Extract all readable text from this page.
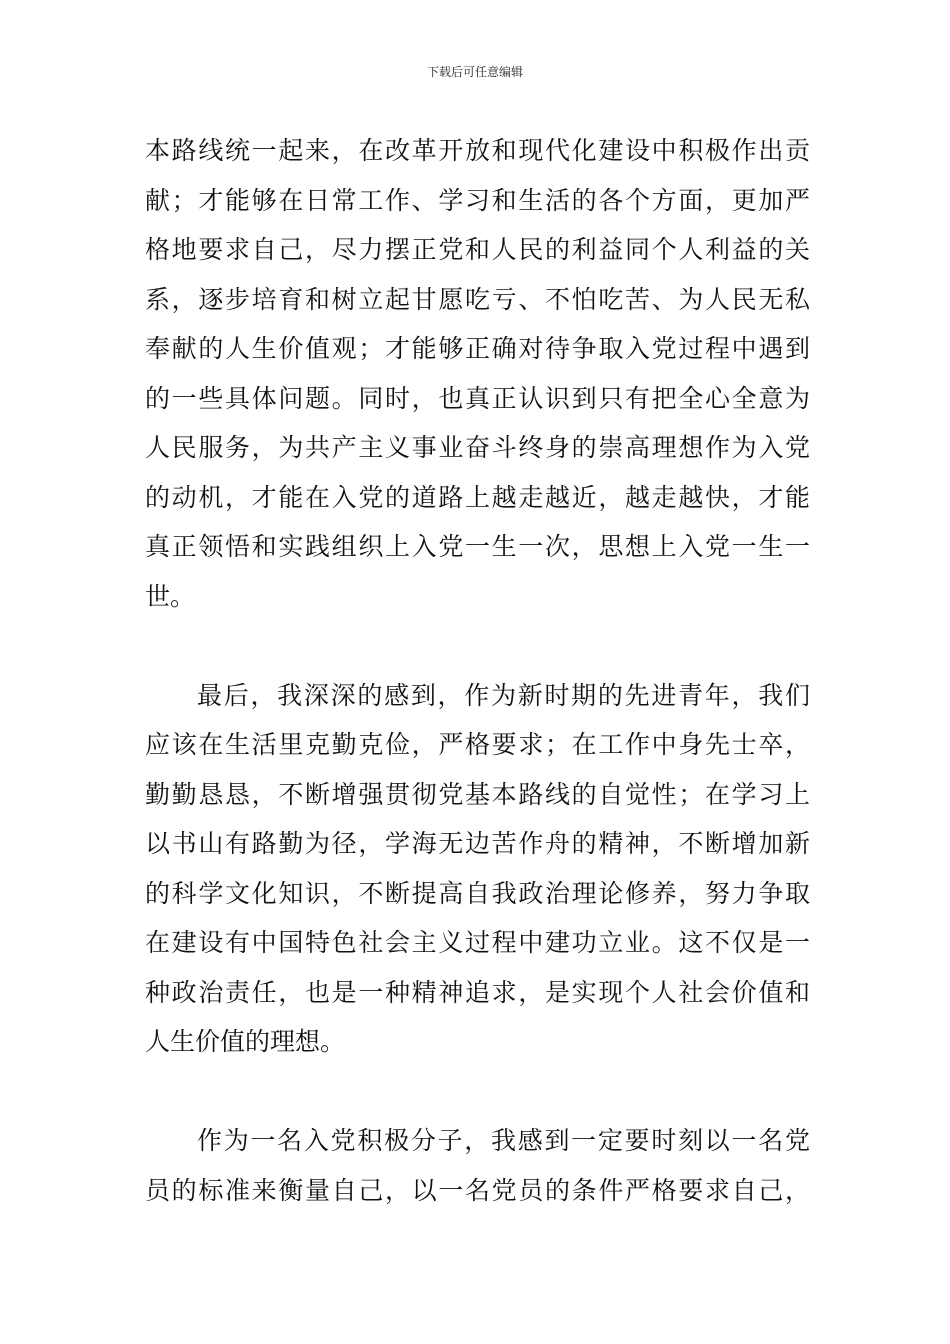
下载后可任意编辑
本路线统一起来，在改革开放和现代化建设中积极作出贡
献；才能够在日常工作、学习和生活的各个方面，更加严
格地要求自己，尽力摆正党和人民的利益同个人利益的关
系，逐步培育和树立起甘愿吃亏、不怕吃苦、为人民无私
奉献的人生价值观；才能够正确对待争取入党过程中遇到
的一些具体问题。同时，也真正认识到只有把全心全意为
人民服务，为共产主义事业奋斗终身的崇高理想作为入党
的动机，才能在入党的道路上越走越近，越走越快，才能
真正领悟和实践组织上入党一生一次，思想上入党一生一
世。
最后，我深深的感到，作为新时期的先进青年，我们
应该在生活里克勤克俭，严格要求；在工作中身先士卒，
勤勤恳恳，不断增强贯彻党基本路线的自觉性；在学习上
以书山有路勤为径，学海无边苦作舟的精神，不断增加新
的科学文化知识，不断提高自我政治理论修养，努力争取
在建设有中国特色社会主义过程中建功立业。这不仅是一
种政治责任，也是一种精神追求，是实现个人社会价值和
人生价值的理想。
作为一名入党积极分子，我感到一定要时刻以一名党
员的标准来衡量自己，以一名党员的条件严格要求自己，
